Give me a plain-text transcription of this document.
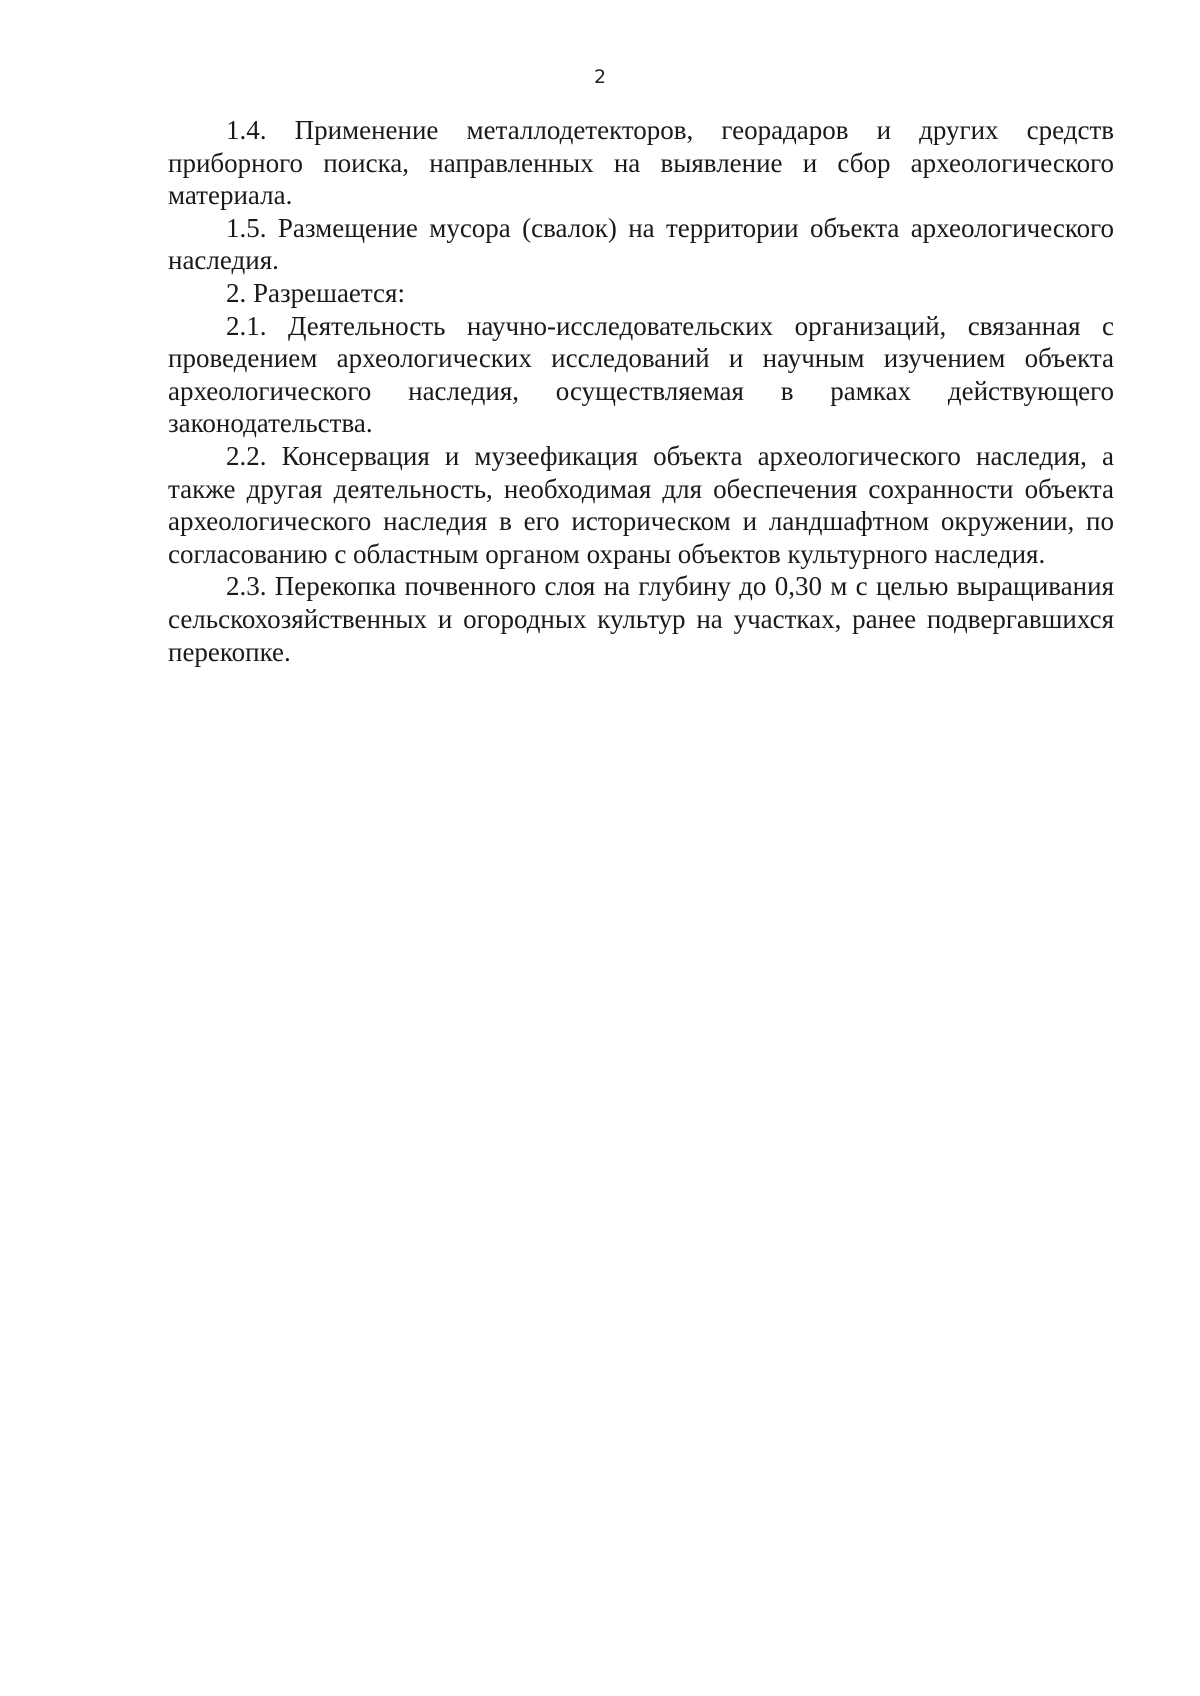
2

1.4. Применение металлодетекторов, георадаров и других средств приборного поиска, направленных на выявление и сбор археологического материала.

1.5. Размещение мусора (свалок) на территории объекта археологического наследия.

2. Разрешается:

2.1. Деятельность научно-исследовательских организаций, связанная с проведением археологических исследований и научным изучением объекта археологического наследия, осуществляемая в рамках действующего законодательства.

2.2. Консервация и музеефикация объекта археологического наследия, а также другая деятельность, необходимая для обеспечения сохранности объекта археологического наследия в его историческом и ландшафтном окружении, по согласованию с областным органом охраны объектов культурного наследия.

2.3. Перекопка почвенного слоя на глубину до 0,30 м с целью выращивания сельскохозяйственных и огородных культур на участках, ранее подвергавшихся перекопке.
